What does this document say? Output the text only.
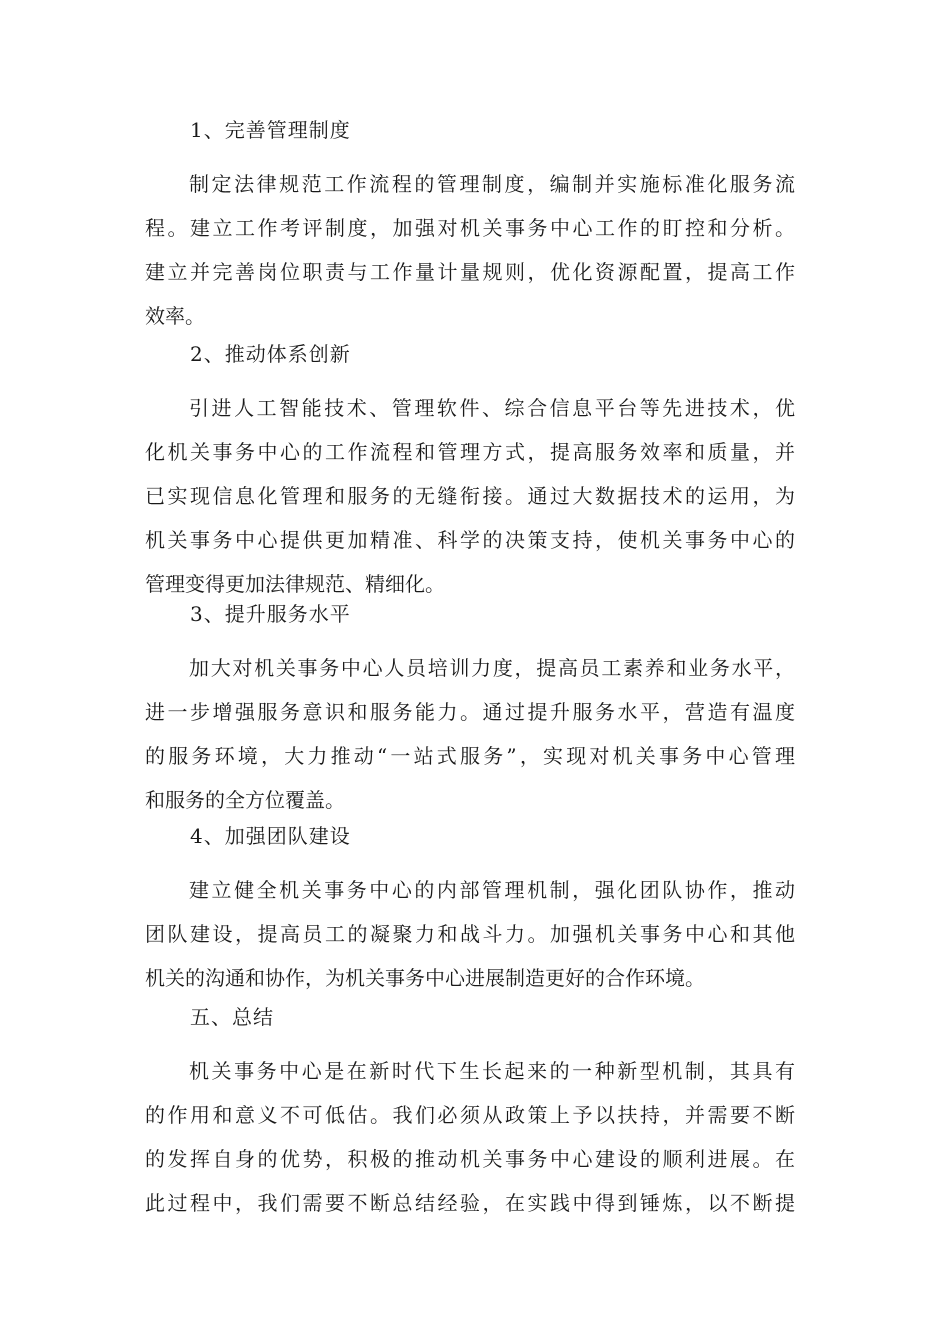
1、完善管理制度
制定法律规范工作流程的管理制度，编制并实施标准化服务流
程。建立工作考评制度，加强对机关事务中心工作的盯控和分析。
建立并完善岗位职责与工作量计量规则，优化资源配置，提高工作
效率。
2、推动体系创新
引进人工智能技术、管理软件、综合信息平台等先进技术，优
化机关事务中心的工作流程和管理方式，提高服务效率和质量，并
已实现信息化管理和服务的无缝衔接。通过大数据技术的运用，为
机关事务中心提供更加精准、科学的决策支持，使机关事务中心的
管理变得更加法律规范、精细化。
3、提升服务水平
加大对机关事务中心人员培训力度，提高员工素养和业务水平，
进一步增强服务意识和服务能力。通过提升服务水平，营造有温度
的服务环境，大力推动“一站式服务”，实现对机关事务中心管理
和服务的全方位覆盖。
4、加强团队建设
建立健全机关事务中心的内部管理机制，强化团队协作，推动
团队建设，提高员工的凝聚力和战斗力。加强机关事务中心和其他
机关的沟通和协作，为机关事务中心进展制造更好的合作环境。
五、总结
机关事务中心是在新时代下生长起来的一种新型机制，其具有
的作用和意义不可低估。我们必须从政策上予以扶持，并需要不断
的发挥自身的优势，积极的推动机关事务中心建设的顺利进展。在
此过程中，我们需要不断总结经验，在实践中得到锤炼，以不断提
